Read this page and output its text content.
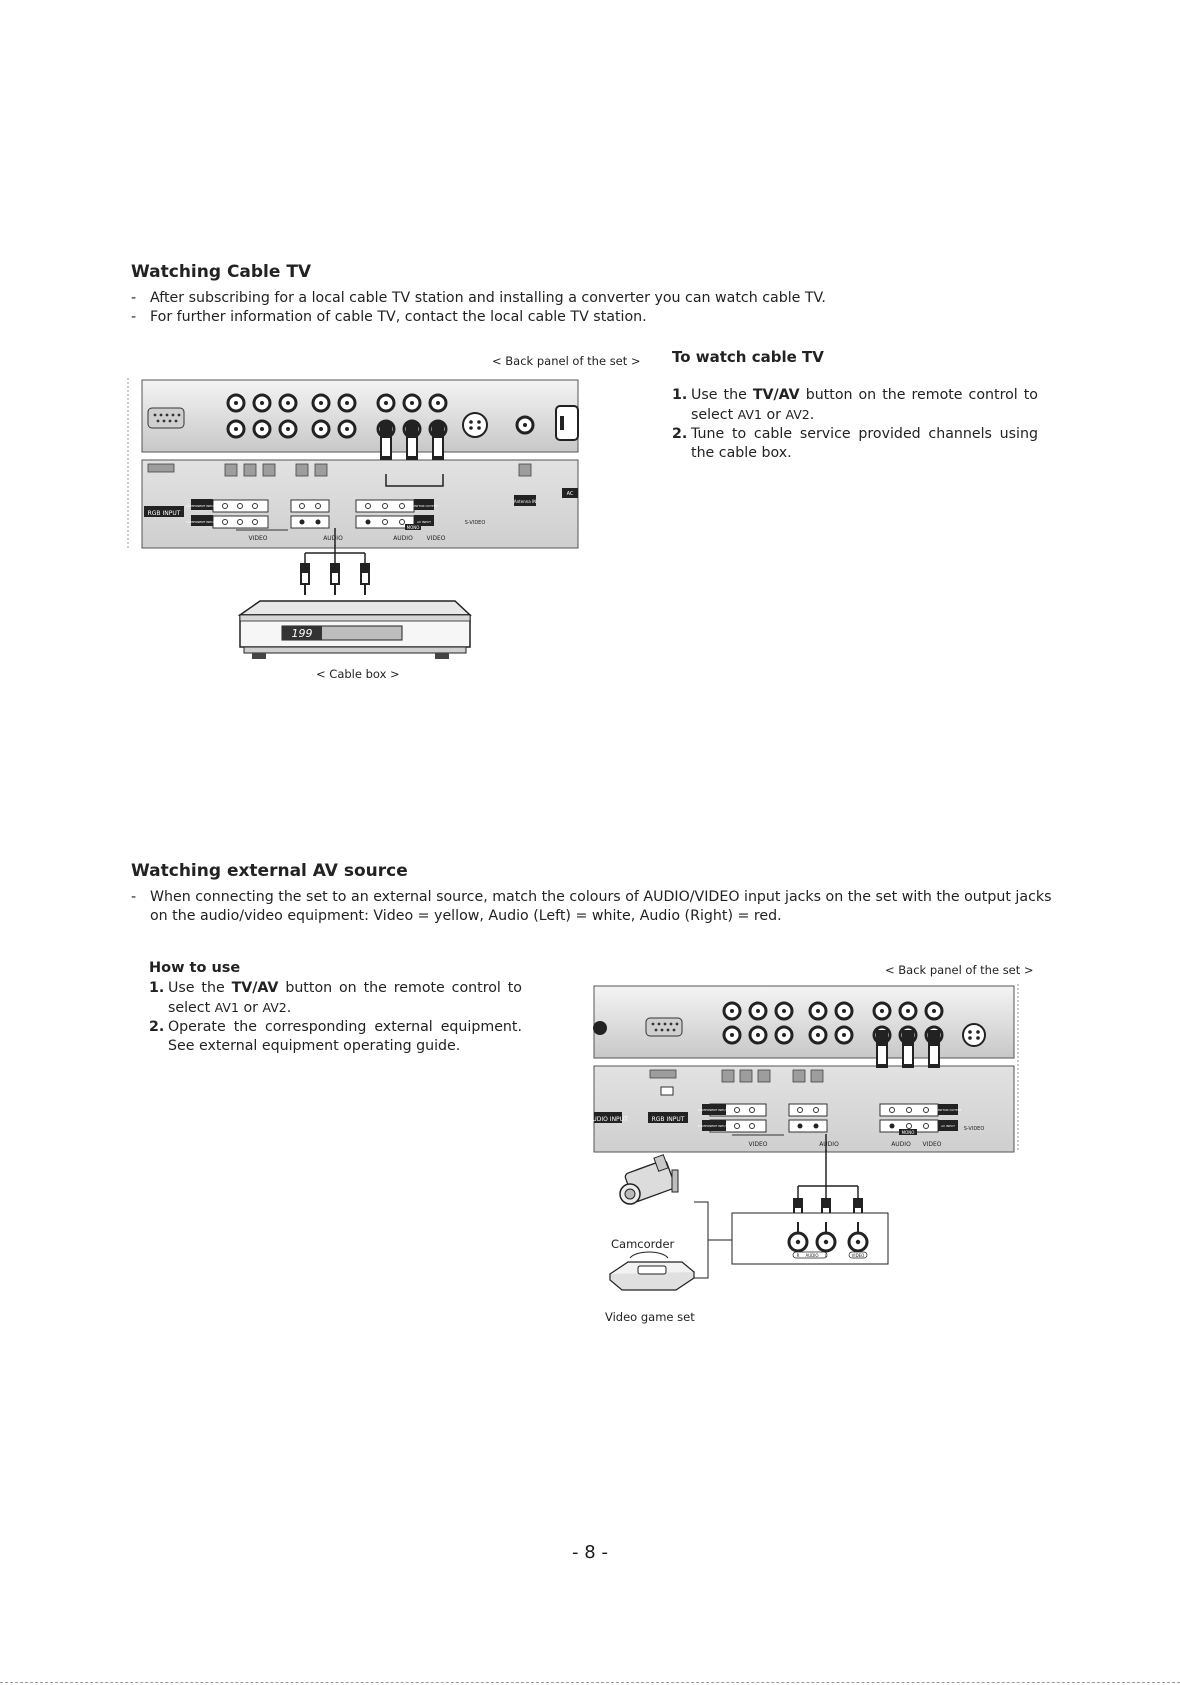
Watching Cable TV
- After subscribing for a local cable TV station and installing a converter you can watch cable TV.
- For further information of cable TV, contact the local cable TV station.
< Back panel of the set >
RGB INPUT
COMPONENT INPUT 2
COMPONENT INPUT 1
MONITOR OUTPUT
AV INPUT
MONO
Antenna IN
AC
S-VIDEO
VIDEO	AUDIO	AUDIO VIDEO
199
< Cable box >
To watch cable TV
1. Use the TV/AV button on the remote control to select AV1 or AV2.
2. Tune to cable service provided channels using the cable box.
Watching external AV source
- When connecting the set to an external source, match the colours of AUDIO/VIDEO input jacks on the set with the output jacks
on the audio/video equipment: Video = yellow, Audio (Left) = white, Audio (Right) = red.
How to use
1. Use the TV/AV button on the remote control to select AV1 or AV2.
2. Operate the corresponding external equipment. See external equipment operating guide.
< Back panel of the set >
AUDIO INPUT	RGB INPUT
COMPONENT INPUT 2
COMPONENT INPUT 1
MONITOR OUTPUT
AV INPUT
MONO
S-VIDEO
VIDEO	AUDIO	AUDIO VIDEO
R AUDIO L	VIDEO
Camcorder
Video game set
- 8 -
